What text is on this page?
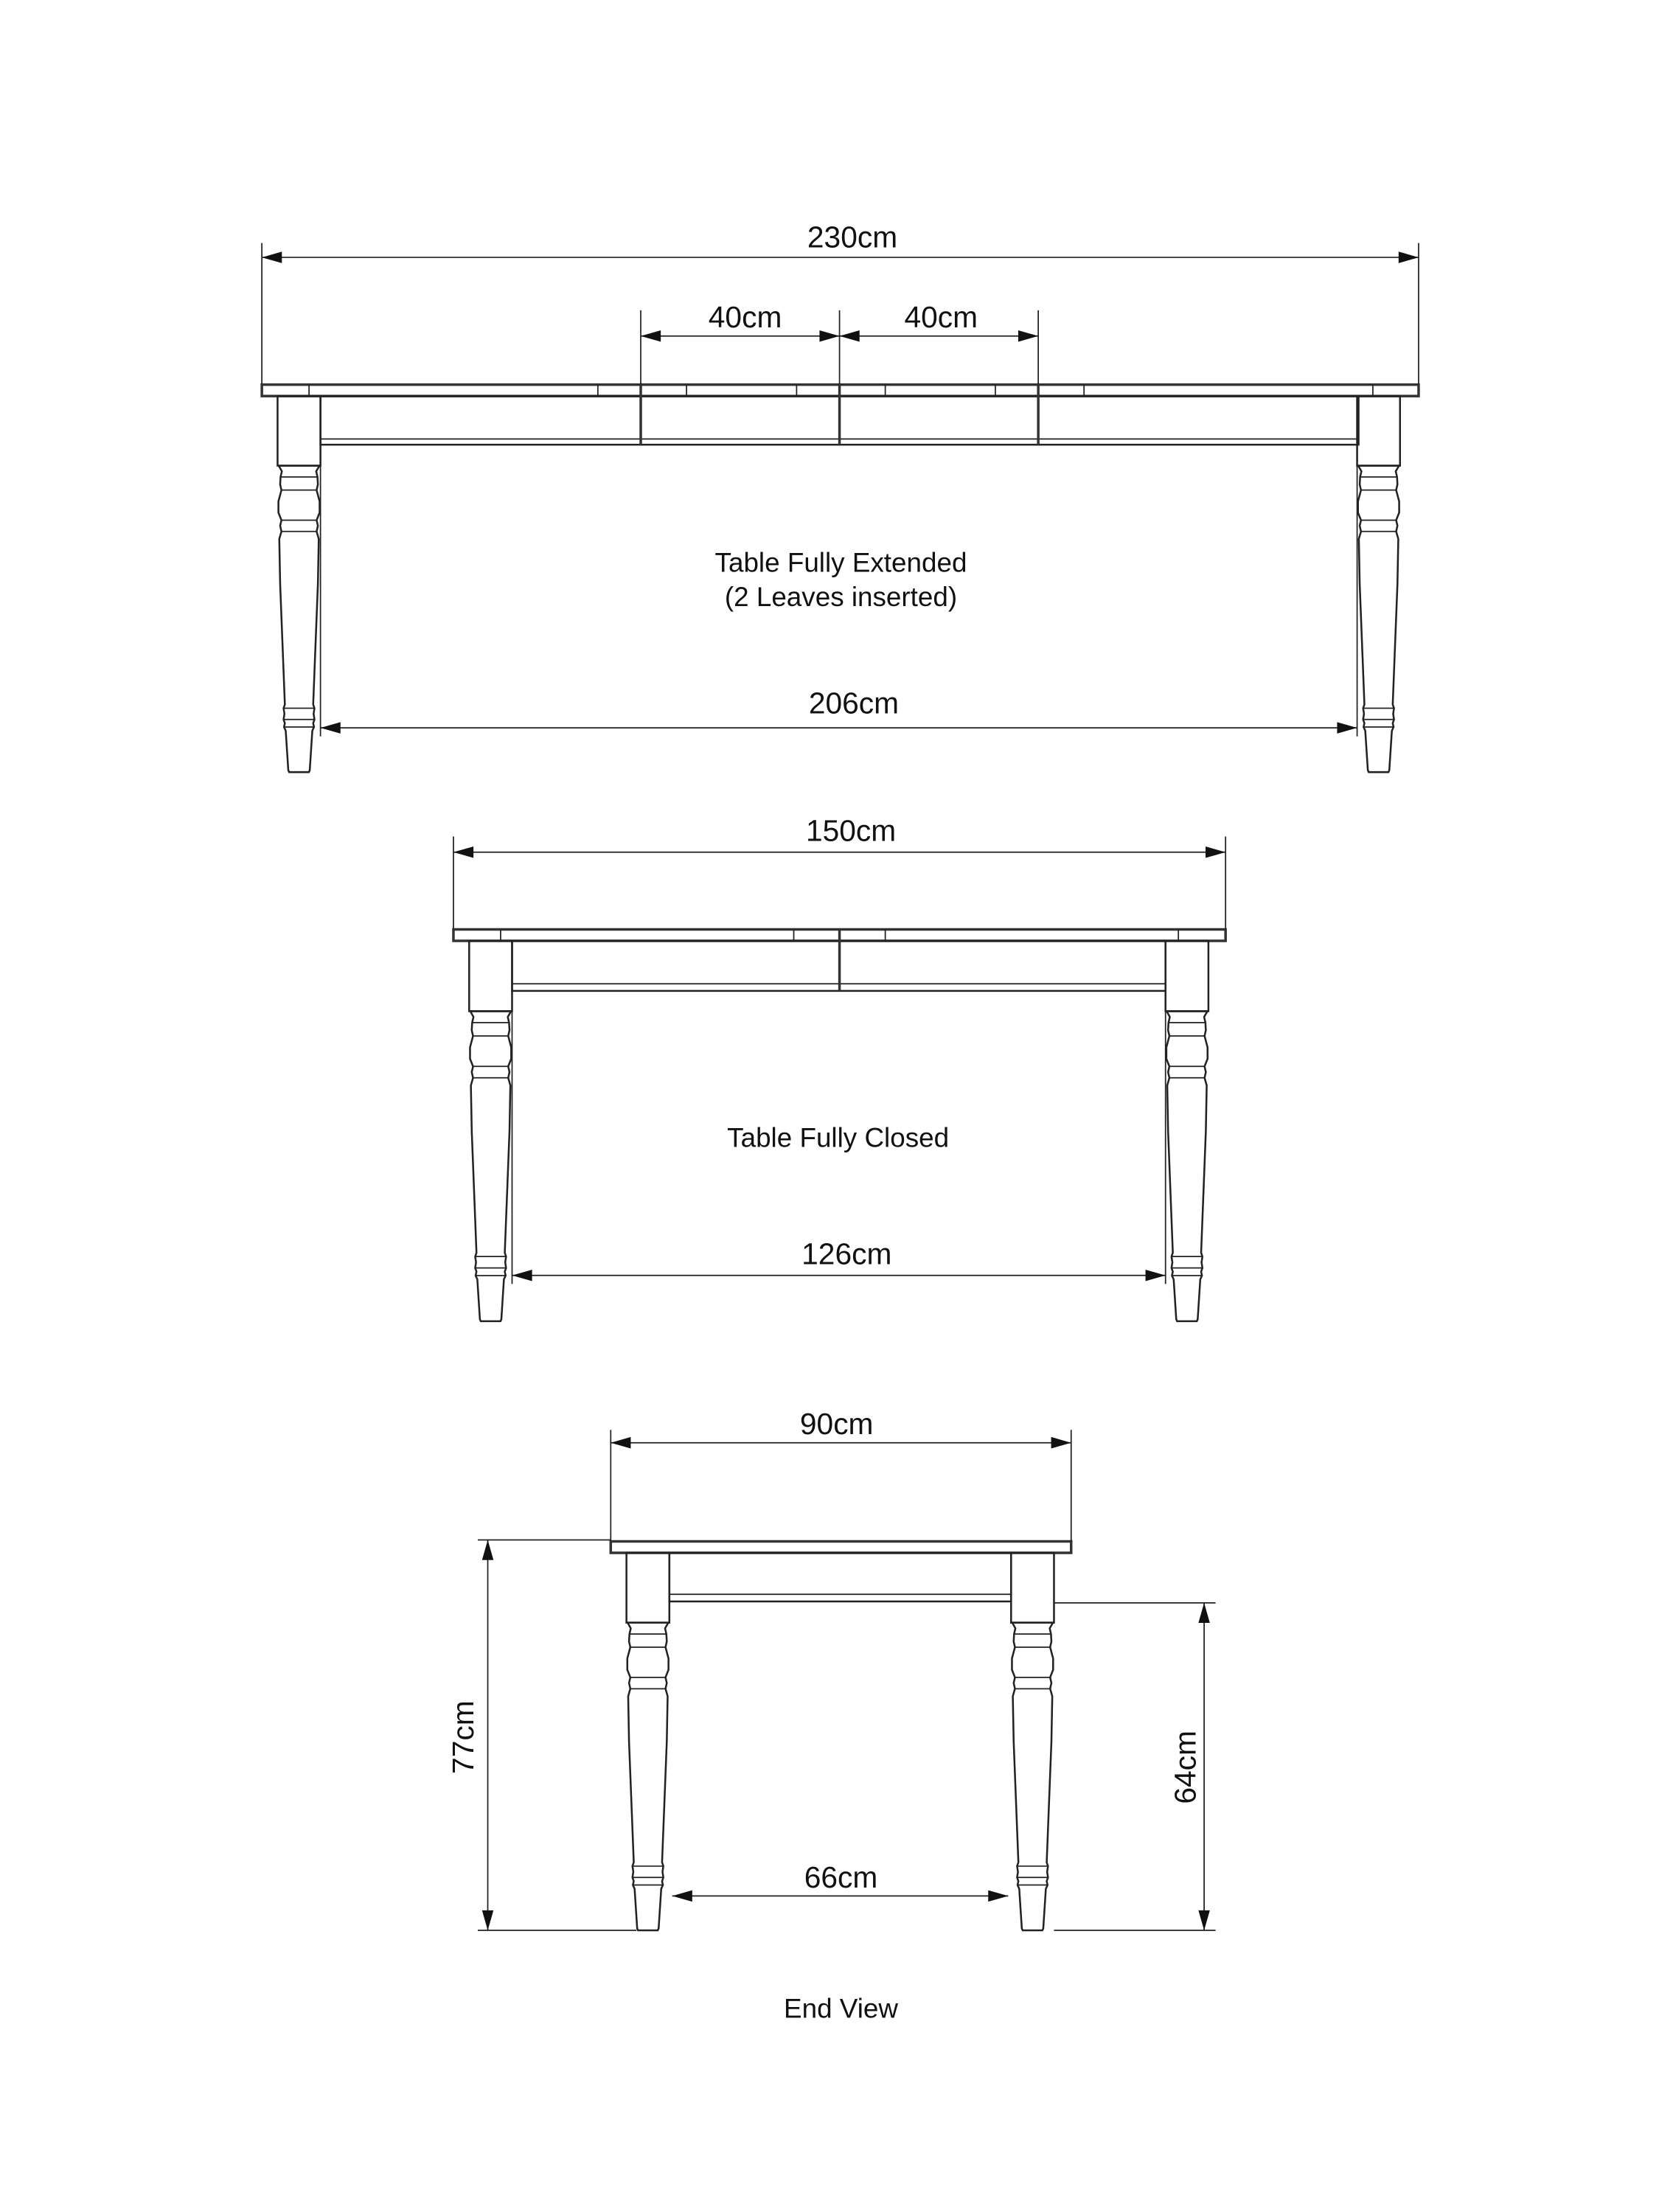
230cm
40cm	40cm
Table Fully Extended
(2 Leaves inserted)
206cm
150cm
Table Fully Closed
126cm
90cm
77cm	64cm
66cm
End View
